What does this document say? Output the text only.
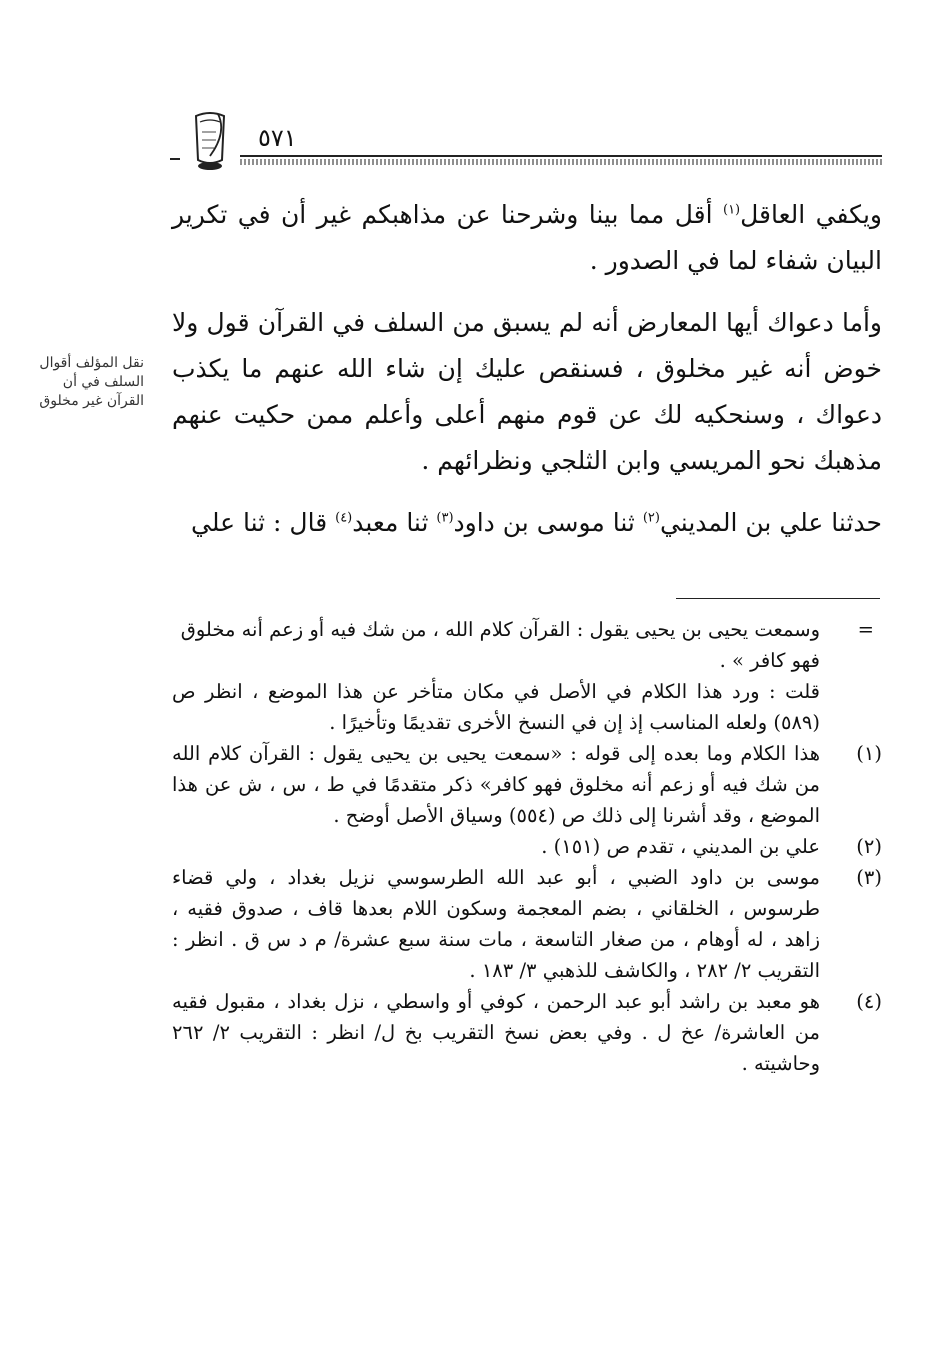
٥٧١
نقل المؤلف أقوال
السلف في أن
القرآن غير مخلوق

ويكفي العاقل$^{(١)}$ أقل مما بينا وشرحنا عن مذاهبكم غير أن في تكرير البيان شفاء لما في الصدور .

وأما دعواك أيها المعارض أنه لم يسبق من السلف في القرآن قول ولا خوض أنه غير مخلوق ، فسنقص عليك إن شاء الله عنهم ما يكذب دعواك ، وسنحكيه لك عن قوم منهم أعلى وأعلم ممن حكيت عنهم مذهبك نحو المريسي وابن الثلجي ونظرائهم .

حدثنا علي بن المديني$^{(٢)}$ ثنا موسى بن داود$^{(٣)}$ ثنا معبد$^{(٤)}$ قال : ثنا علي

=
وسمعت يحيى بن يحيى يقول : القرآن كلام الله ، من شك فيه أو زعم أنه مخلوق فهو كافر » .
قلت : ورد هذا الكلام في الأصل في مكان متأخر عن هذا الموضع ، انظر ص (٥٨٩) ولعله المناسب إذ إن في النسخ الأخرى تقديمًا وتأخيرًا .
(١)
هذا الكلام وما بعده إلى قوله : «سمعت يحيى بن يحيى يقول : القرآن كلام الله من شك فيه أو زعم أنه مخلوق فهو كافر» ذكر متقدمًا في ط ، س ، ش عن هذا الموضع ، وقد أشرنا إلى ذلك ص (٥٥٤) وسياق الأصل أوضح .
(٢)
علي بن المديني ، تقدم ص (١٥١) .
(٣)
موسى بن داود الضبي ، أبو عبد الله الطرسوسي نزيل بغداد ، ولي قضاء طرسوس ، الخلقاني ، بضم المعجمة وسكون اللام بعدها قاف ، صدوق فقيه ، زاهد ، له أوهام ، من صغار التاسعة ، مات سنة سبع عشرة/ م د س ق . انظر : التقريب ٢/ ٢٨٢ ، والكاشف للذهبي ٣/ ١٨٣ .
(٤)
هو معبد بن راشد أبو عبد الرحمن ، كوفي أو واسطي ، نزل بغداد ، مقبول فقيه من العاشرة/ عخ ل . وفي بعض نسخ التقريب بخ ل/ انظر : التقريب ٢/ ٢٦٢ وحاشيته .
